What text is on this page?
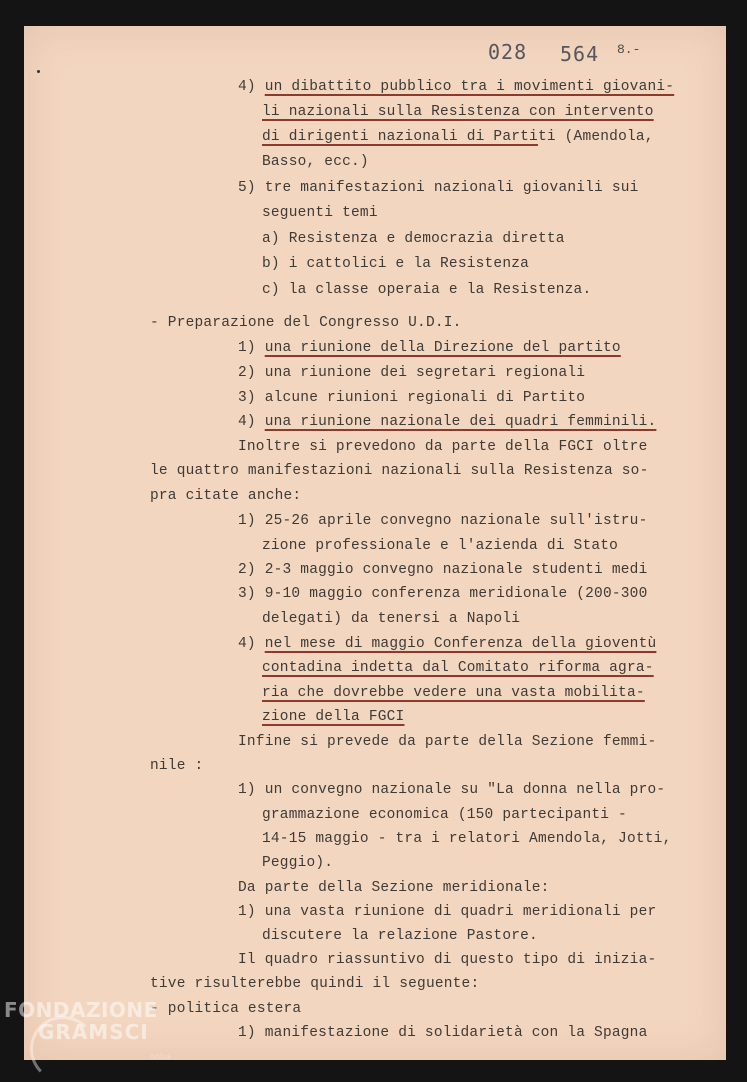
028 564 8.-
4) un dibattito pubblico tra i movimenti giovani-
li nazionali sulla Resistenza con intervento
di dirigenti nazionali di Partiti (Amendola,
Basso, ecc.)
5) tre manifestazioni nazionali giovanili sui
seguenti temi
a) Resistenza e democrazia diretta
b) i cattolici e la Resistenza
c) la classe operaia e la Resistenza.
- Preparazione del Congresso U.D.I.
1) una riunione della Direzione del partito
2) una riunione dei segretari regionali
3) alcune riunioni regionali di Partito
4) una riunione nazionale dei quadri femminili.
Inoltre si prevedono da parte della FGCI oltre
le quattro manifestazioni nazionali sulla Resistenza so-
pra citate anche:
1) 25-26 aprile convegno nazionale sull'istru-
zione professionale e l'azienda di Stato
2) 2-3 maggio convegno nazionale studenti medi
3) 9-10 maggio conferenza meridionale (200-300
delegati) da tenersi a Napoli
4) nel mese di maggio Conferenza della gioventù
contadina indetta dal Comitato riforma agra-
ria che dovrebbe vedere una vasta mobilita-
zione della FGCI
Infine si prevede da parte della Sezione femmi-
nile :
1) un convegno nazionale su "La donna nella pro-
grammazione economica (150 partecipanti -
14-15 maggio - tra i relatori Amendola, Jotti,
Peggio).
Da parte della Sezione meridionale:
1) una vasta riunione di quadri meridionali per
discutere la relazione Pastore.
Il quadro riassuntivo di questo tipo di inizia-
tive risulterebbe quindi il seguente:
- politica estera
1) manifestazione di solidarietà con la Spagna
FONDAZIONE
GRAMSCI
onlus
